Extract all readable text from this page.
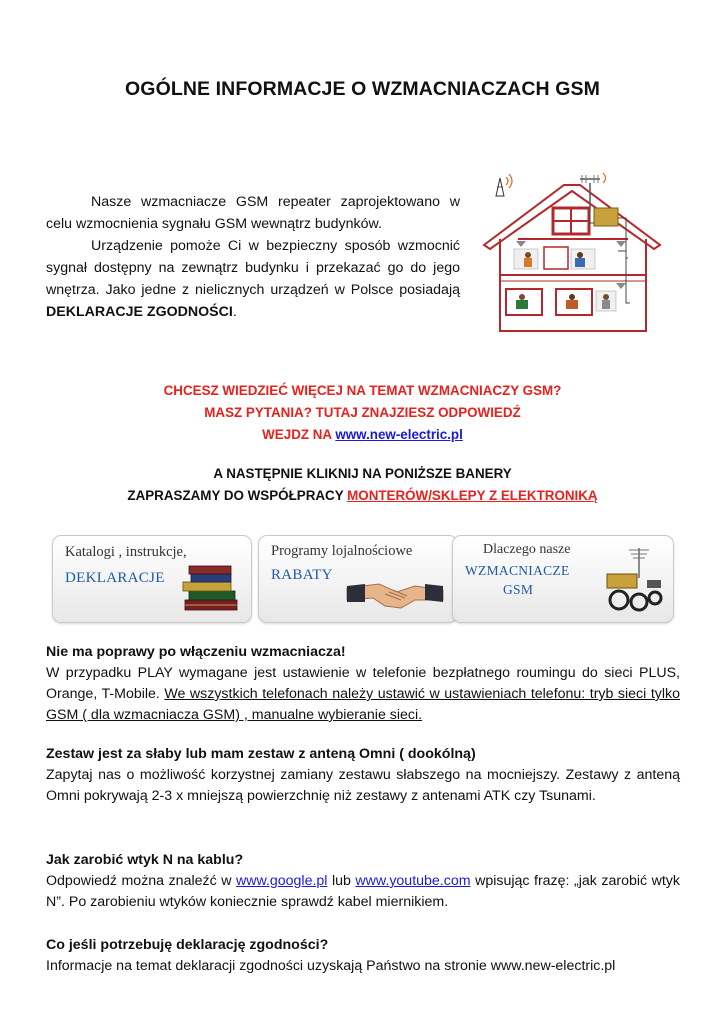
OGÓLNE INFORMACJE O WZMACNIACZACH GSM

Nasze wzmacniacze GSM repeater zaprojektowano w celu wzmocnienia sygnału GSM wewnątrz budynków.

Urządzenie pomoże Ci w bezpieczny sposób wzmocnić sygnał dostępny na zewnątrz budynku i przekazać go do jego wnętrza. Jako jedne z nielicznych urządzeń w Polsce posiadają DEKLARACJE ZGODNOŚCI.

CHCESZ WIEDZIEĆ WIĘCEJ NA TEMAT WZMACNIACZY GSM?
MASZ PYTANIA? TUTAJ ZNAJZIESZ ODPOWIEDŹ
WEJDZ NA www.new-electric.pl
A NASTĘPNIE KLIKNIJ NA PONIŻSZE BANERY
ZAPRASZAMY DO WSPÓŁPRACY MONTERÓW/SKLEPY Z ELEKTRONIKĄ
Katalogi , instrukcje,
DEKLARACJE
Programy lojalnościowe
RABATY
Dlaczego nasze
WZMACNIACZE
GSM

Nie ma poprawy po włączeniu wzmacniacza!

W przypadku PLAY wymagane jest ustawienie w telefonie bezpłatnego roumingu do sieci PLUS, Orange, T-Mobile. We wszystkich telefonach należy ustawić w ustawieniach telefonu: tryb sieci tylko GSM ( dla wzmacniacza GSM) , manualne wybieranie sieci.

Zestaw jest za słaby lub mam zestaw z anteną Omni ( dookólną)

Zapytaj nas o możliwość korzystnej zamiany zestawu słabszego na mocniejszy. Zestawy z anteną Omni pokrywają 2-3 x mniejszą powierzchnię niż zestawy z antenami ATK czy Tsunami.

Jak zarobić wtyk N na kablu?

Odpowiedź można znaleźć w www.google.pl lub www.youtube.com wpisując frazę: „jak zarobić wtyk N”. Po zarobieniu wtyków koniecznie sprawdź kabel miernikiem.

Co jeśli potrzebuję deklarację zgodności?

Informacje na temat deklaracji zgodności uzyskają Państwo na stronie www.new-electric.pl
